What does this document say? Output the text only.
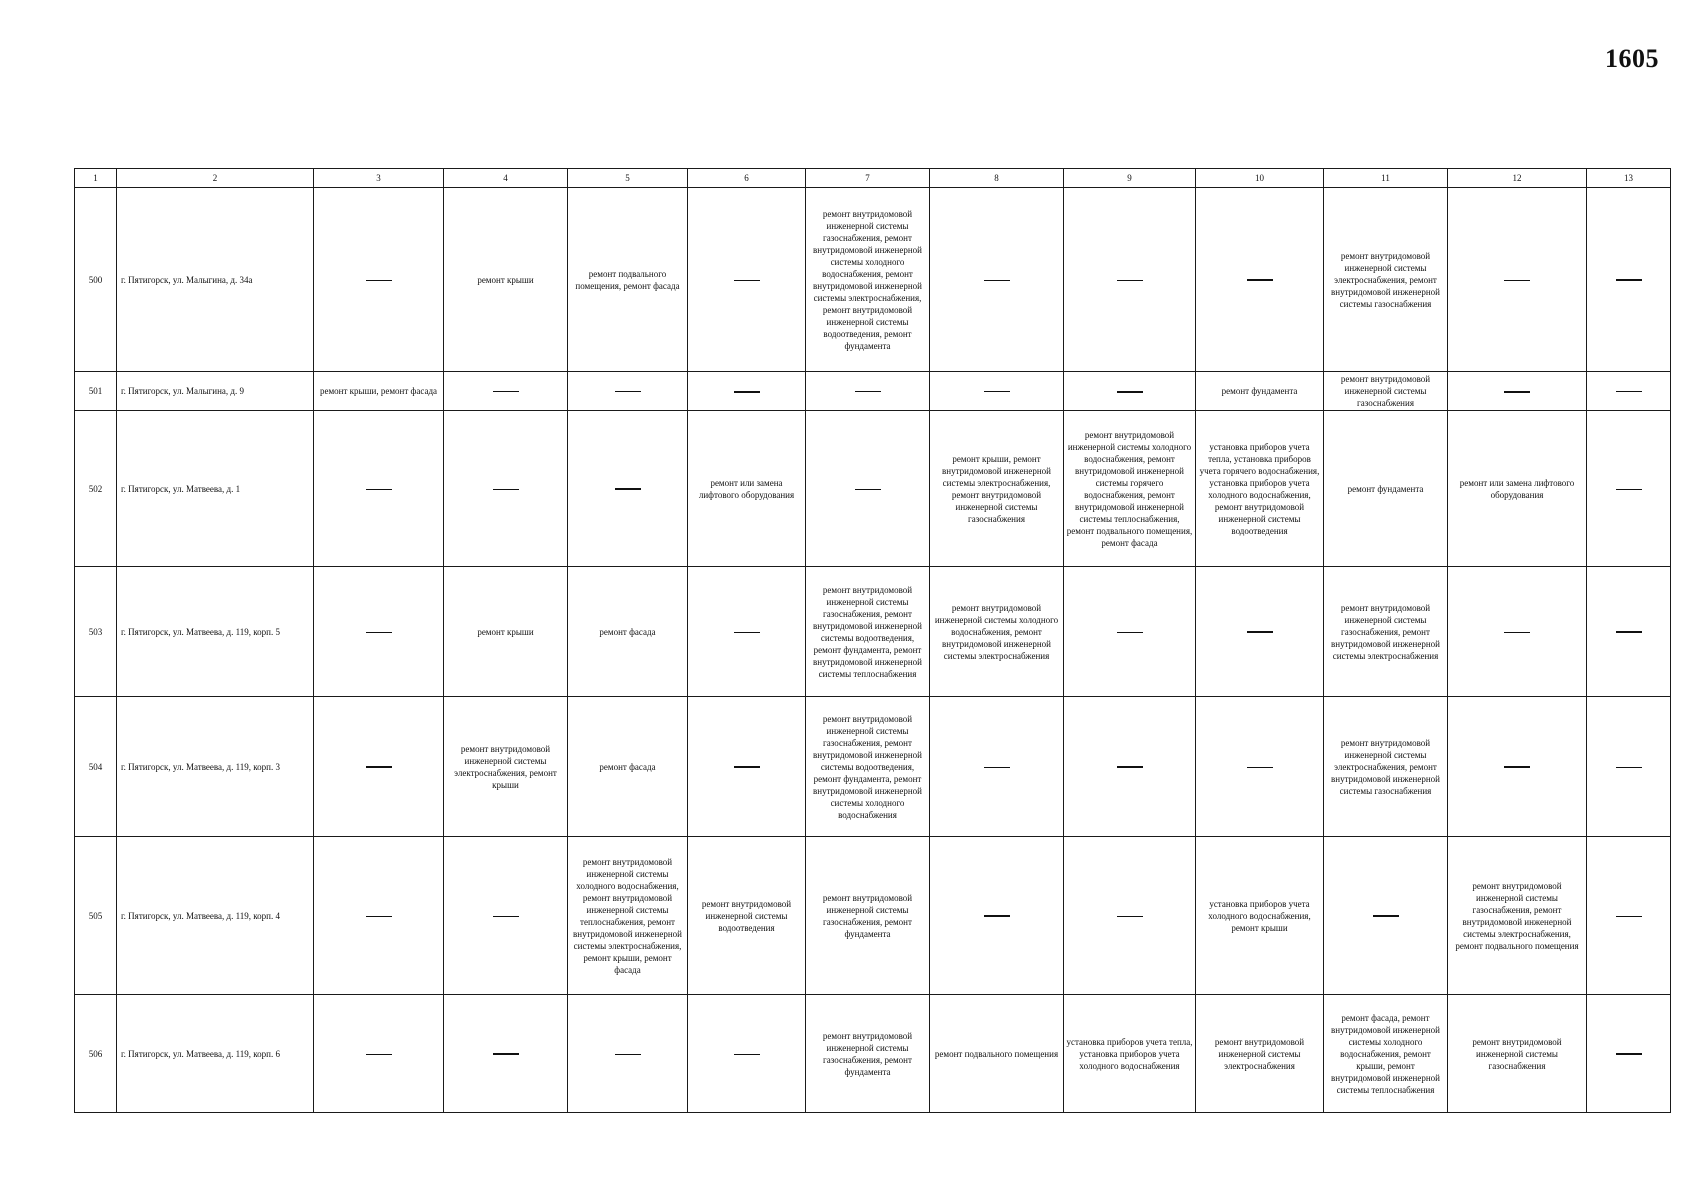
1605
1	2	3	4	5	6	7	8	9	10	11	12	13
500	г. Пятигорск, ул. Малыгина, д. 34а		ремонт крыши	ремонт подвального помещения, ремонт фасада		ремонт внутридомовой инженерной системы газоснабжения, ремонт внутридомовой инженерной системы холодного водоснабжения, ремонт внутридомовой инженерной системы электроснабжения, ремонт внутридомовой инженерной системы водоотведения, ремонт фундамента				ремонт внутридомовой инженерной системы электроснабжения, ремонт внутридомовой инженерной системы газоснабжения		
501	г. Пятигорск, ул. Малыгина, д. 9	ремонт крыши, ремонт фасада							ремонт фундамента	ремонт внутридомовой инженерной системы газоснабжения		
502	г. Пятигорск, ул. Матвеева, д. 1				ремонт или замена лифтового оборудования		ремонт крыши, ремонт внутридомовой инженерной системы электроснабжения, ремонт внутридомовой инженерной системы газоснабжения	ремонт внутридомовой инженерной системы холодного водоснабжения, ремонт внутридомовой инженерной системы горячего водоснабжения, ремонт внутридомовой инженерной системы теплоснабжения, ремонт подвального помещения, ремонт фасада	установка приборов учета тепла, установка приборов учета горячего водоснабжения, установка приборов учета холодного водоснабжения, ремонт внутридомовой инженерной системы водоотведения	ремонт фундамента	ремонт или замена лифтового оборудования	
503	г. Пятигорск, ул. Матвеева, д. 119, корп. 5		ремонт крыши	ремонт фасада		ремонт внутридомовой инженерной системы газоснабжения, ремонт внутридомовой инженерной системы водоотведения, ремонт фундамента, ремонт внутридомовой инженерной системы теплоснабжения	ремонт внутридомовой инженерной системы холодного водоснабжения, ремонт внутридомовой инженерной системы электроснабжения			ремонт внутридомовой инженерной системы газоснабжения, ремонт внутридомовой инженерной системы электроснабжения		
504	г. Пятигорск, ул. Матвеева, д. 119, корп. 3		ремонт внутридомовой инженерной системы электроснабжения, ремонт крыши	ремонт фасада		ремонт внутридомовой инженерной системы газоснабжения, ремонт внутридомовой инженерной системы водоотведения, ремонт фундамента, ремонт внутридомовой инженерной системы холодного водоснабжения				ремонт внутридомовой инженерной системы электроснабжения, ремонт внутридомовой инженерной системы газоснабжения		
505	г. Пятигорск, ул. Матвеева, д. 119, корп. 4			ремонт внутридомовой инженерной системы холодного водоснабжения, ремонт внутридомовой инженерной системы теплоснабжения, ремонт внутридомовой инженерной системы электроснабжения, ремонт крыши, ремонт фасада	ремонт внутридомовой инженерной системы водоотведения	ремонт внутридомовой инженерной системы газоснабжения, ремонт фундамента			установка приборов учета холодного водоснабжения, ремонт крыши		ремонт внутридомовой инженерной системы газоснабжения, ремонт внутридомовой инженерной системы электроснабжения, ремонт подвального помещения	
506	г. Пятигорск, ул. Матвеева, д. 119, корп. 6					ремонт внутридомовой инженерной системы газоснабжения, ремонт фундамента	ремонт подвального помещения	установка приборов учета тепла, установка приборов учета холодного водоснабжения	ремонт внутридомовой инженерной системы электроснабжения	ремонт фасада, ремонт внутридомовой инженерной системы холодного водоснабжения, ремонт крыши, ремонт внутридомовой инженерной системы теплоснабжения	ремонт внутридомовой инженерной системы газоснабжения	
